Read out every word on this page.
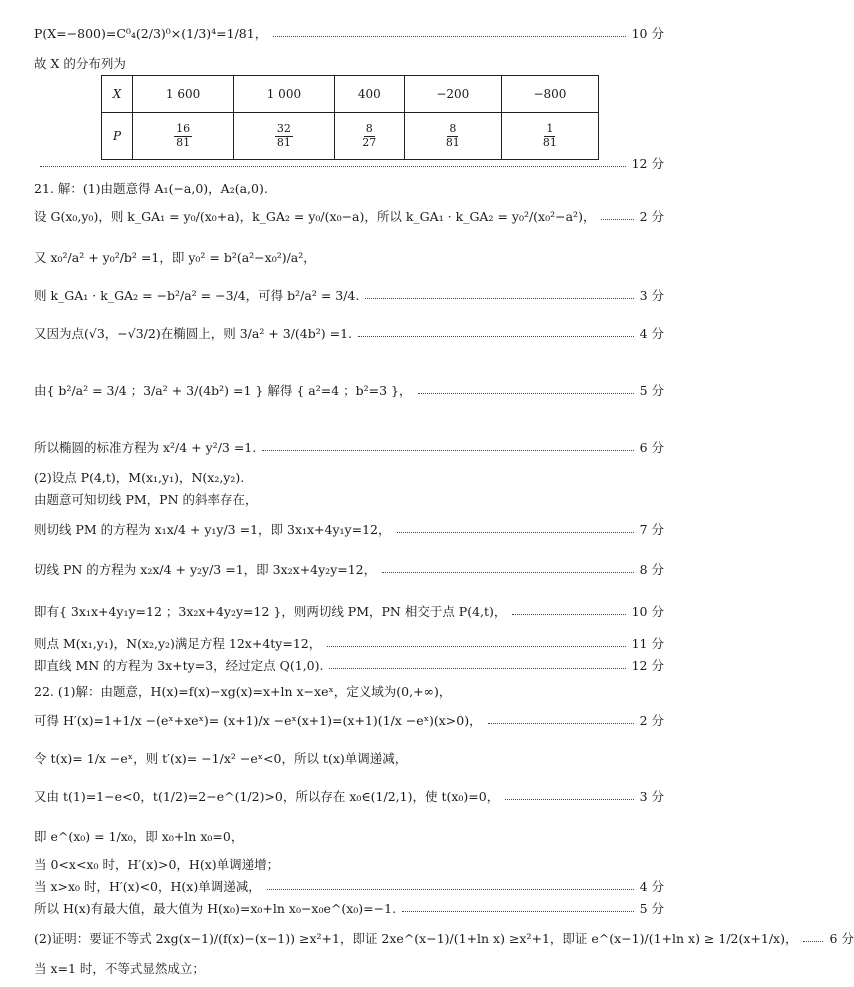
P(X=−800)=C⁰₄(2/3)⁰×(1/3)⁴=1/81，	10 分
故 X 的分布列为
12 分
21. 解：(1)由题意得 A₁(−a,0)，A₂(a,0).
设 G(x₀,y₀)，则 k_GA₁ = y₀/(x₀+a)，k_GA₂ = y₀/(x₀−a)，所以 k_GA₁ · k_GA₂ = y₀²/(x₀²−a²)，	2 分
又 x₀²/a² + y₀²/b² =1，即 y₀² = b²(a²−x₀²)/a²，
则 k_GA₁ · k_GA₂ = −b²/a² = −3/4，可得 b²/a² = 3/4.	3 分
又因为点(√3，−√3/2)在椭圆上，则 3/a² + 3/(4b²) =1.	4 分
由{ b²/a² = 3/4 ；3/a² + 3/(4b²) =1 } 解得 { a²=4 ；b²=3 }，	5 分
所以椭圆的标准方程为 x²/4 + y²/3 =1.	6 分
(2)设点 P(4,t)，M(x₁,y₁)，N(x₂,y₂).
由题意可知切线 PM，PN 的斜率存在，
则切线 PM 的方程为 x₁x/4 + y₁y/3 =1，即 3x₁x+4y₁y=12，	7 分
切线 PN 的方程为 x₂x/4 + y₂y/3 =1，即 3x₂x+4y₂y=12，	8 分
即有{ 3x₁x+4y₁y=12 ；3x₂x+4y₂y=12 }，则两切线 PM，PN 相交于点 P(4,t)，	10 分
则点 M(x₁,y₁)，N(x₂,y₂)满足方程 12x+4ty=12，	11 分
即直线 MN 的方程为 3x+ty=3，经过定点 Q(1,0).	12 分
22. (1)解：由题意，H(x)=f(x)−xg(x)=x+ln x−xeˣ，定义域为(0,+∞)，
可得 H′(x)=1+1/x −(eˣ+xeˣ)= (x+1)/x −eˣ(x+1)=(x+1)(1/x −eˣ)(x>0)，	2 分
令 t(x)= 1/x −eˣ，则 t′(x)= −1/x² −eˣ<0，所以 t(x)单调递减，
又由 t(1)=1−e<0，t(1/2)=2−e^(1/2)>0，所以存在 x₀∈(1/2,1)，使 t(x₀)=0，	3 分
即 e^(x₀) = 1/x₀，即 x₀+ln x₀=0，
当 0<x<x₀ 时，H′(x)>0，H(x)单调递增；
当 x>x₀ 时，H′(x)<0，H(x)单调递减，	4 分
所以 H(x)有最大值，最大值为 H(x₀)=x₀+ln x₀−x₀e^(x₀)=−1.	5 分
(2)证明：要证不等式 2xg(x−1)/(f(x)−(x−1)) ≥x²+1，即证 2xe^(x−1)/(1+ln x) ≥x²+1，即证 e^(x−1)/(1+ln x) ≥ 1/2(x+1/x)，	6 分
当 x=1 时，不等式显然成立；
X	1 600	1 000	400	−200	−800
P	$\frac{16}{81}$	$\frac{32}{81}$	$\frac{8}{27}$	$\frac{8}{81}$	$\frac{1}{81}$
